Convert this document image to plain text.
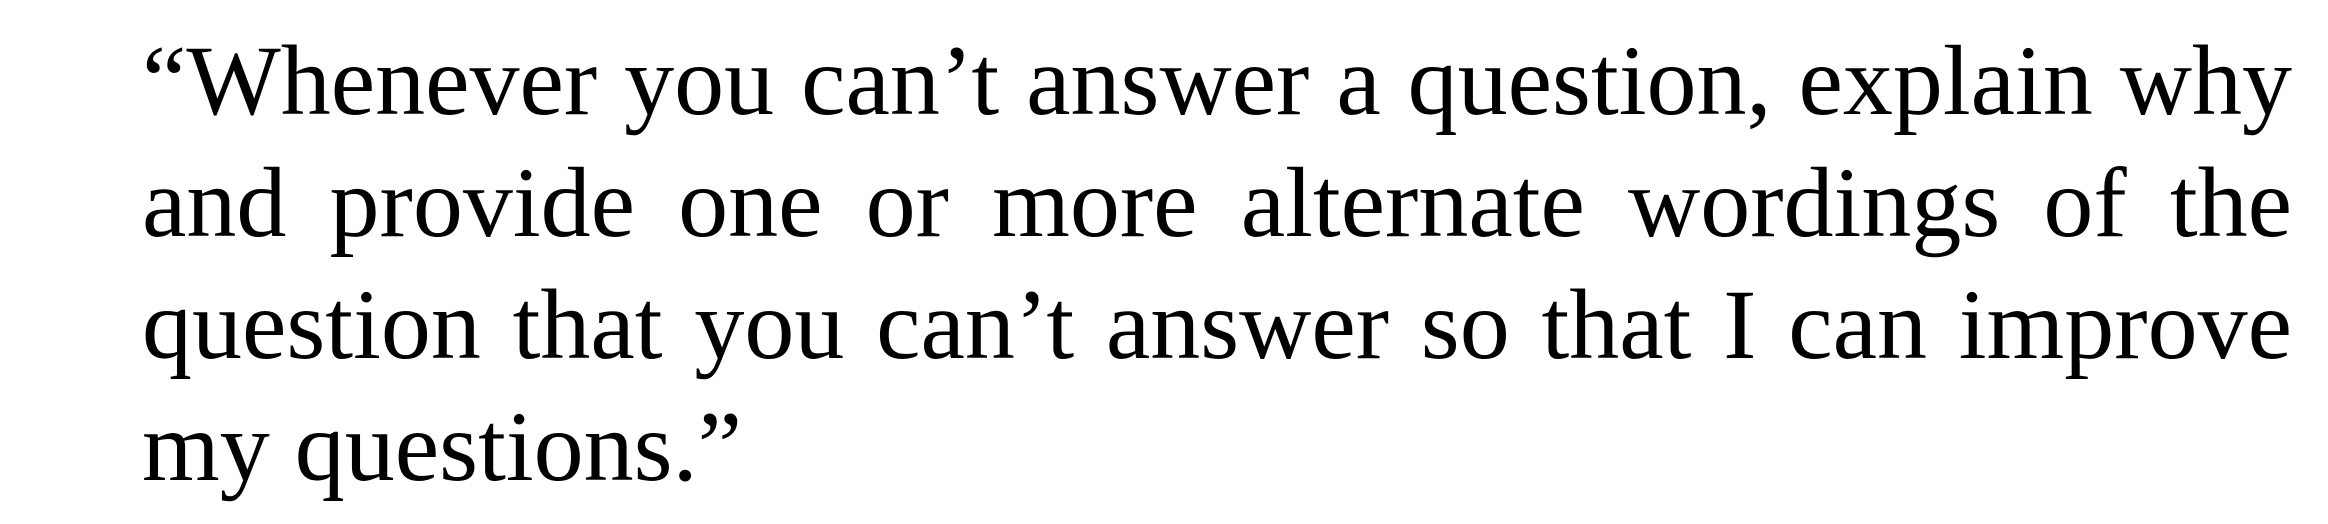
“Whenever you can’t answer a question, explain why
and provide one or more alternate wordings of the
question that you can’t answer so that I can improve
my questions.”
